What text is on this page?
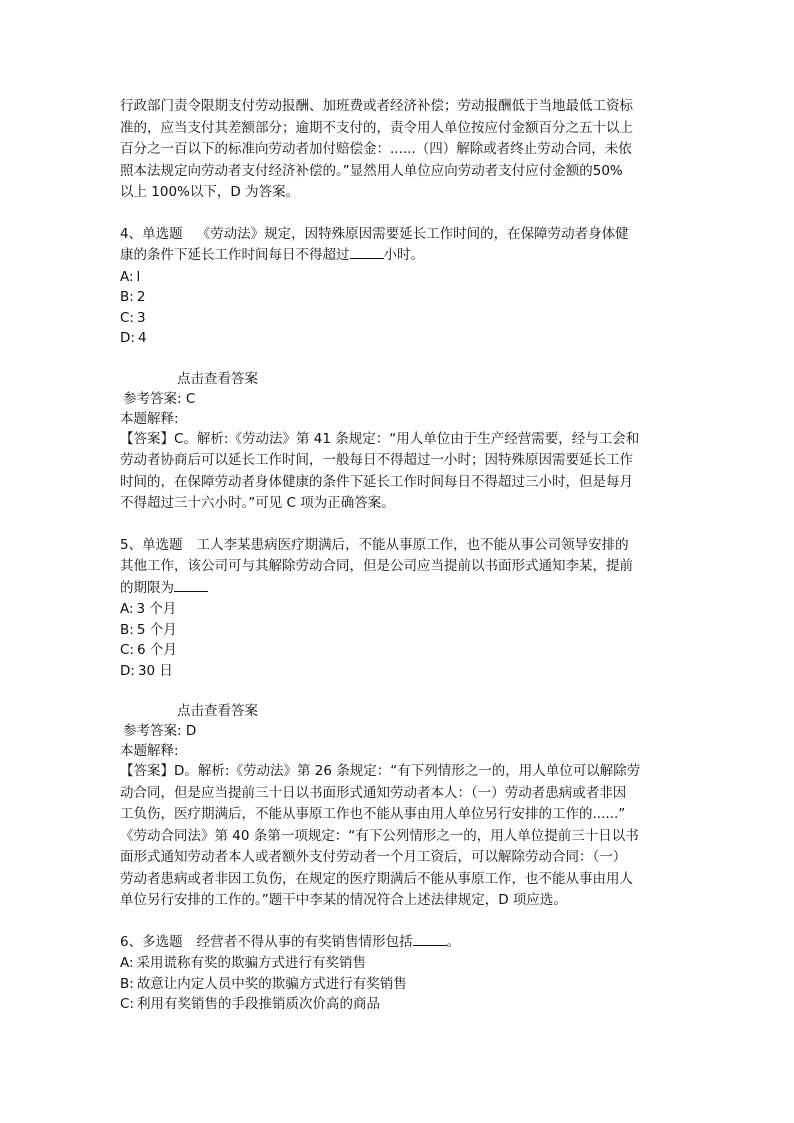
行政部门责令限期支付劳动报酬、加班费或者经济补偿；劳动报酬低于当地最低工资标

准的，应当支付其差额部分；逾期不支付的，责令用人单位按应付金额百分之五十以上

百分之一百以下的标准向劳动者加付赔偿金：......（四）解除或者终止劳动合同，未依

照本法规定向劳动者支付经济补偿的。”显然用人单位应向劳动者支付应付金额的50%

以上 100%以下，D 为答案。

4、单选题 《劳动法》规定，因特殊原因需要延长工作时间的，在保障劳动者身体健

康的条件下延长工作时间每日不得超过	小时。

A: l

B: 2

C: 3

D: 4

点击查看答案

参考答案: C

本题解释:

【答案】C。解析:《劳动法》第 41 条规定：“用人单位由于生产经营需要，经与工会和

劳动者协商后可以延长工作时间，一般每日不得超过一小时；因特殊原因需要延长工作

时间的，在保障劳动者身体健康的条件下延长工作时间每日不得超过三小时，但是每月

不得超过三十六小时。”可见 C 项为正确答案。

5、单选题 工人李某患病医疗期满后，不能从事原工作，也不能从事公司领导安排的

其他工作，该公司可与其解除劳动合同，但是公司应当提前以书面形式通知李某，提前

的期限为

A: 3 个月

B: 5 个月

C: 6 个月

D: 30 日

点击查看答案

参考答案: D

本题解释:

【答案】D。解析:《劳动法》第 26 条规定：“有下列情形之一的，用人单位可以解除劳

动合同，但是应当提前三十日以书面形式通知劳动者本人：（一）劳动者患病或者非因

工负伤，医疗期满后，不能从事原工作也不能从事由用人单位另行安排的工作的......”

《劳动合同法》第 40 条第一项规定：“有下公列情形之一的，用人单位提前三十日以书

面形式通知劳动者本人或者额外支付劳动者一个月工资后，可以解除劳动合同：（一）

劳动者患病或者非因工负伤，在规定的医疗期满后不能从事原工作，也不能从事由用人

单位另行安排的工作的。”题干中李某的情况符合上述法律规定，D 项应选。

6、多选题 经营者不得从事的有奖销售情形包括	。

A: 采用谎称有奖的欺骗方式进行有奖销售

B: 故意让内定人员中奖的欺骗方式进行有奖销售

C: 利用有奖销售的手段推销质次价高的商品
